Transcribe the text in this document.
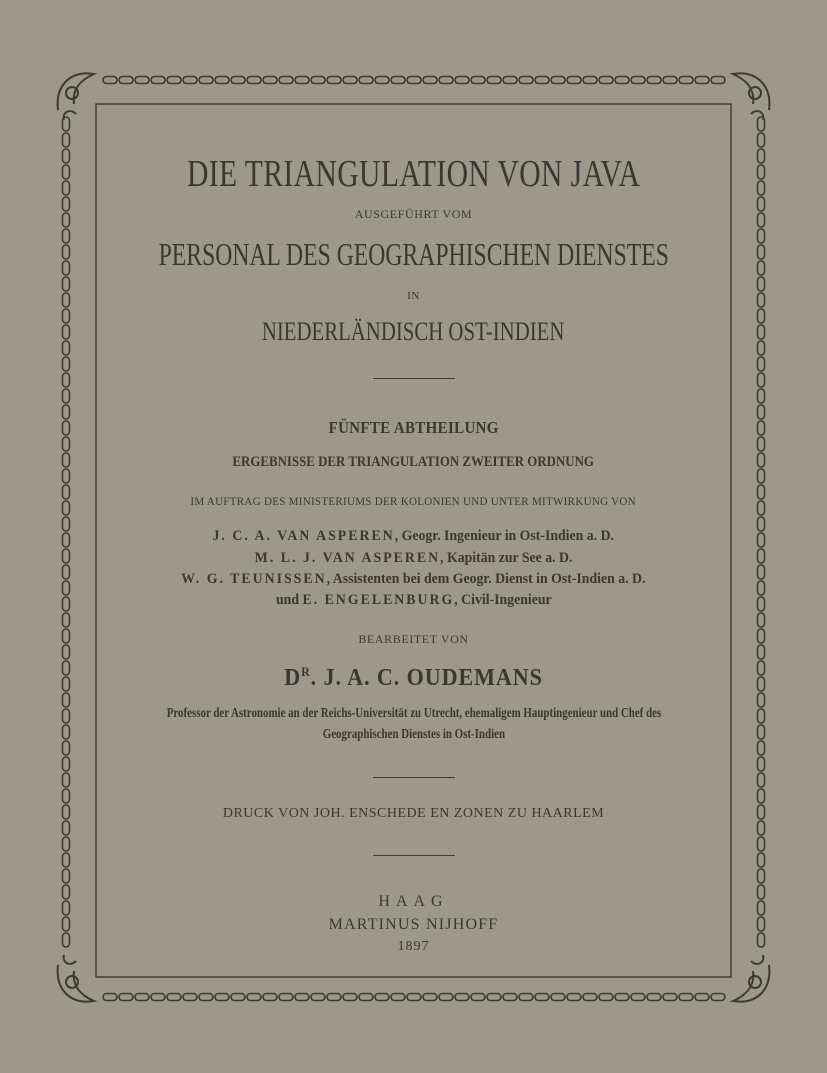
DIE TRIANGULATION VON JAVA

AUSGEFÜHRT VOM

PERSONAL DES GEOGRAPHISCHEN DIENSTES

IN

NIEDERLÄNDISCH OST-INDIEN

FÜNFTE ABTHEILUNG

ERGEBNISSE DER TRIANGULATION ZWEITER ORDNUNG

IM AUFTRAG DES MINISTERIUMS DER KOLONIEN UND UNTER MITWIRKUNG VON

J. C. A. VAN ASPEREN, Geogr. Ingenieur in Ost-Indien a. D.

M. L. J. VAN ASPEREN, Kapitän zur See a. D.

W. G. TEUNISSEN, Assistenten bei dem Geogr. Dienst in Ost-Indien a. D.

und E. ENGELENBURG, Civil-Ingenieur

BEARBEITET VON

$D^R$. J. A. C. OUDEMANS

Professor der Astronomie an der Reichs-Universität zu Utrecht, ehemaligem Hauptingenieur und Chef des

Geographischen Dienstes in Ost-Indien

DRUCK VON JOH. ENSCHEDE EN ZONEN ZU HAARLEM

HAAG

MARTINUS NIJHOFF

1897
